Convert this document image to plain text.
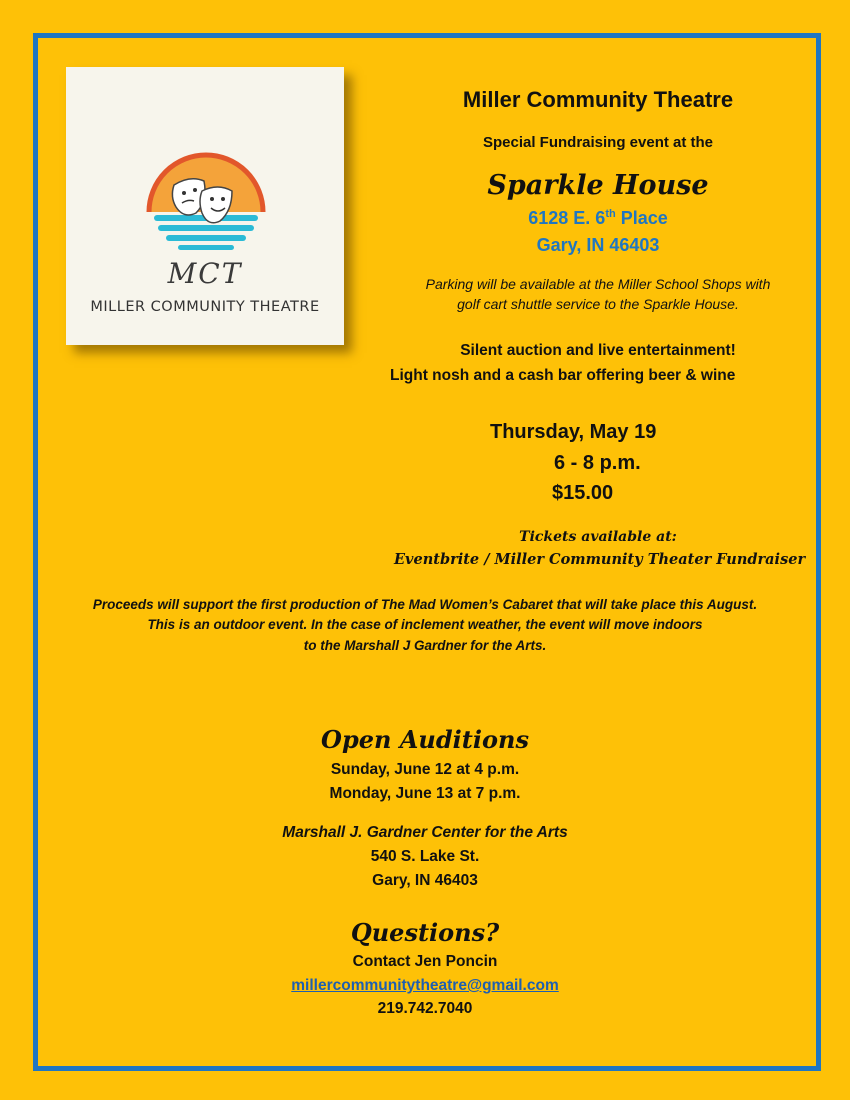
MCT
MILLER COMMUNITY THEATRE
Miller Community Theatre
Special Fundraising event at the
Sparkle House
6128 E. 6th Place
Gary, IN 46403
Parking will be available at the Miller School Shops with
golf cart shuttle service to the Sparkle House.
Silent auction and live entertainment!
Light nosh and a cash bar offering beer & wine
Thursday, May 19
6 - 8 p.m.
$15.00
Tickets available at:
Eventbrite / Miller Community Theater Fundraiser
Proceeds will support the first production of The Mad Women’s Cabaret that will take place this August.
This is an outdoor event. In the case of inclement weather, the event will move indoors
to the Marshall J Gardner for the Arts.
Open Auditions
Sunday, June 12 at 4 p.m.
Monday, June 13 at 7 p.m.
Marshall J. Gardner Center for the Arts
540 S. Lake St.
Gary, IN 46403
Questions?
Contact Jen Poncin
millercommunitytheatre@gmail.com
219.742.7040
